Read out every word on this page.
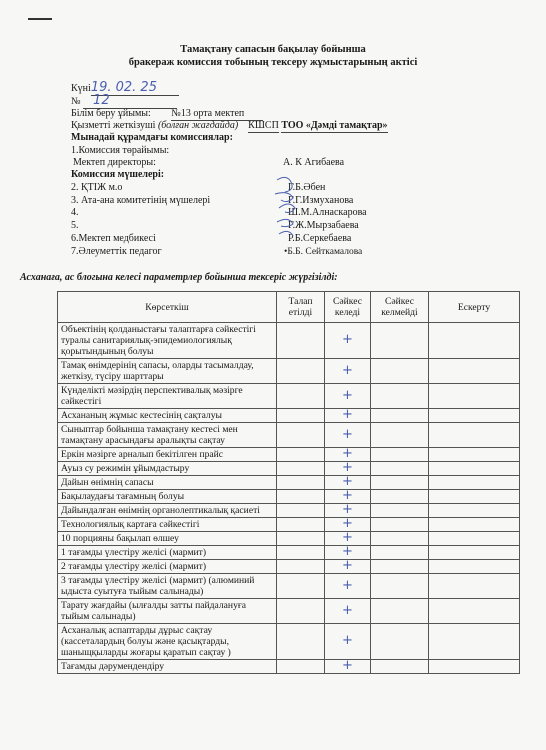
Тамақтану сапасын бақылау бойынша
бракераж комиссия тобының тексеру жұмыстарының актісі
Күні19. 02. 25
№ 12
Білім беру ұйымы: №13 орта мектеп
Қызметті жеткізуші (болған жағдайда) КШСП ТОО «Дәмді тамақтар»
Мынадай құрамдағы комиссиялар:
1.Комиссия төрайымы:
Мектеп директоры:	А. К Агибаева
Комиссия мүшелері:
2. ҚТІЖ м.о	Г.Б.Әбен
3. Ата-ана комитетінің мүшелері	Г.Г.Измуханова
4.	Ш.М.Алнаскарова
5.	Г.Ж.Мырзабаева
6.Мектеп медбикесі	Р.Б.Серкебаева
7.Әлеуметтік педагог	•Б.Б. Сейткамалова
Асханаға, ас блогына келесі параметрлер бойынша тексеріс жүргізілді:
Көрсеткіш	Талап етілді	Сәйкес келеді	Сәйкес келмейді	Ескерту
Объектінің қолданыстағы талаптарға сәйкестігі туралы санитариялық-эпидемиологиялық қорытындының болуы		+		
Тамақ өнімдерінің сапасы, оларды тасымалдау, жеткізу, түсіру шарттары		+		
Күнделікті мәзірдің перспективалық мәзірге сәйкестігі		+		
Асхананың жұмыс кестесінің сақталуы		+		
Сыныптар бойынша тамақтану кестесі мен тамақтану арасындағы аралықты сақтау		+		
Еркін мәзірге арналып бекітілген прайс		+		
Ауыз су режимін ұйымдастыру		+		
Дайын өнімнің сапасы		+		
Бақылаудағы тағамның болуы		+		
Дайындалған өнімнің органолептикалық қасиеті		+		
Технологиялық картаға сәйкестігі		+		
10 порцияны бақылап өлшеу		+		
1 тағамды үлестіру желісі (мармит)		+		
2 тағамды үлестіру желісі (мармит)		+		
3 тағамды үлестіру желісі (мармит) (алюминий ыдыста суытуға тыйым салынады)		+		
Тарату жағдайы (ылғалды затты пайдалануға тыйым салынады)		+		
Асханалық аспаптарды дұрыс сақтау (кассеталардың болуы және қасықтарды, шаныщқыларды жоғары қаратып сақтау )		+		
Тағамды дәрумендендіру		+		
